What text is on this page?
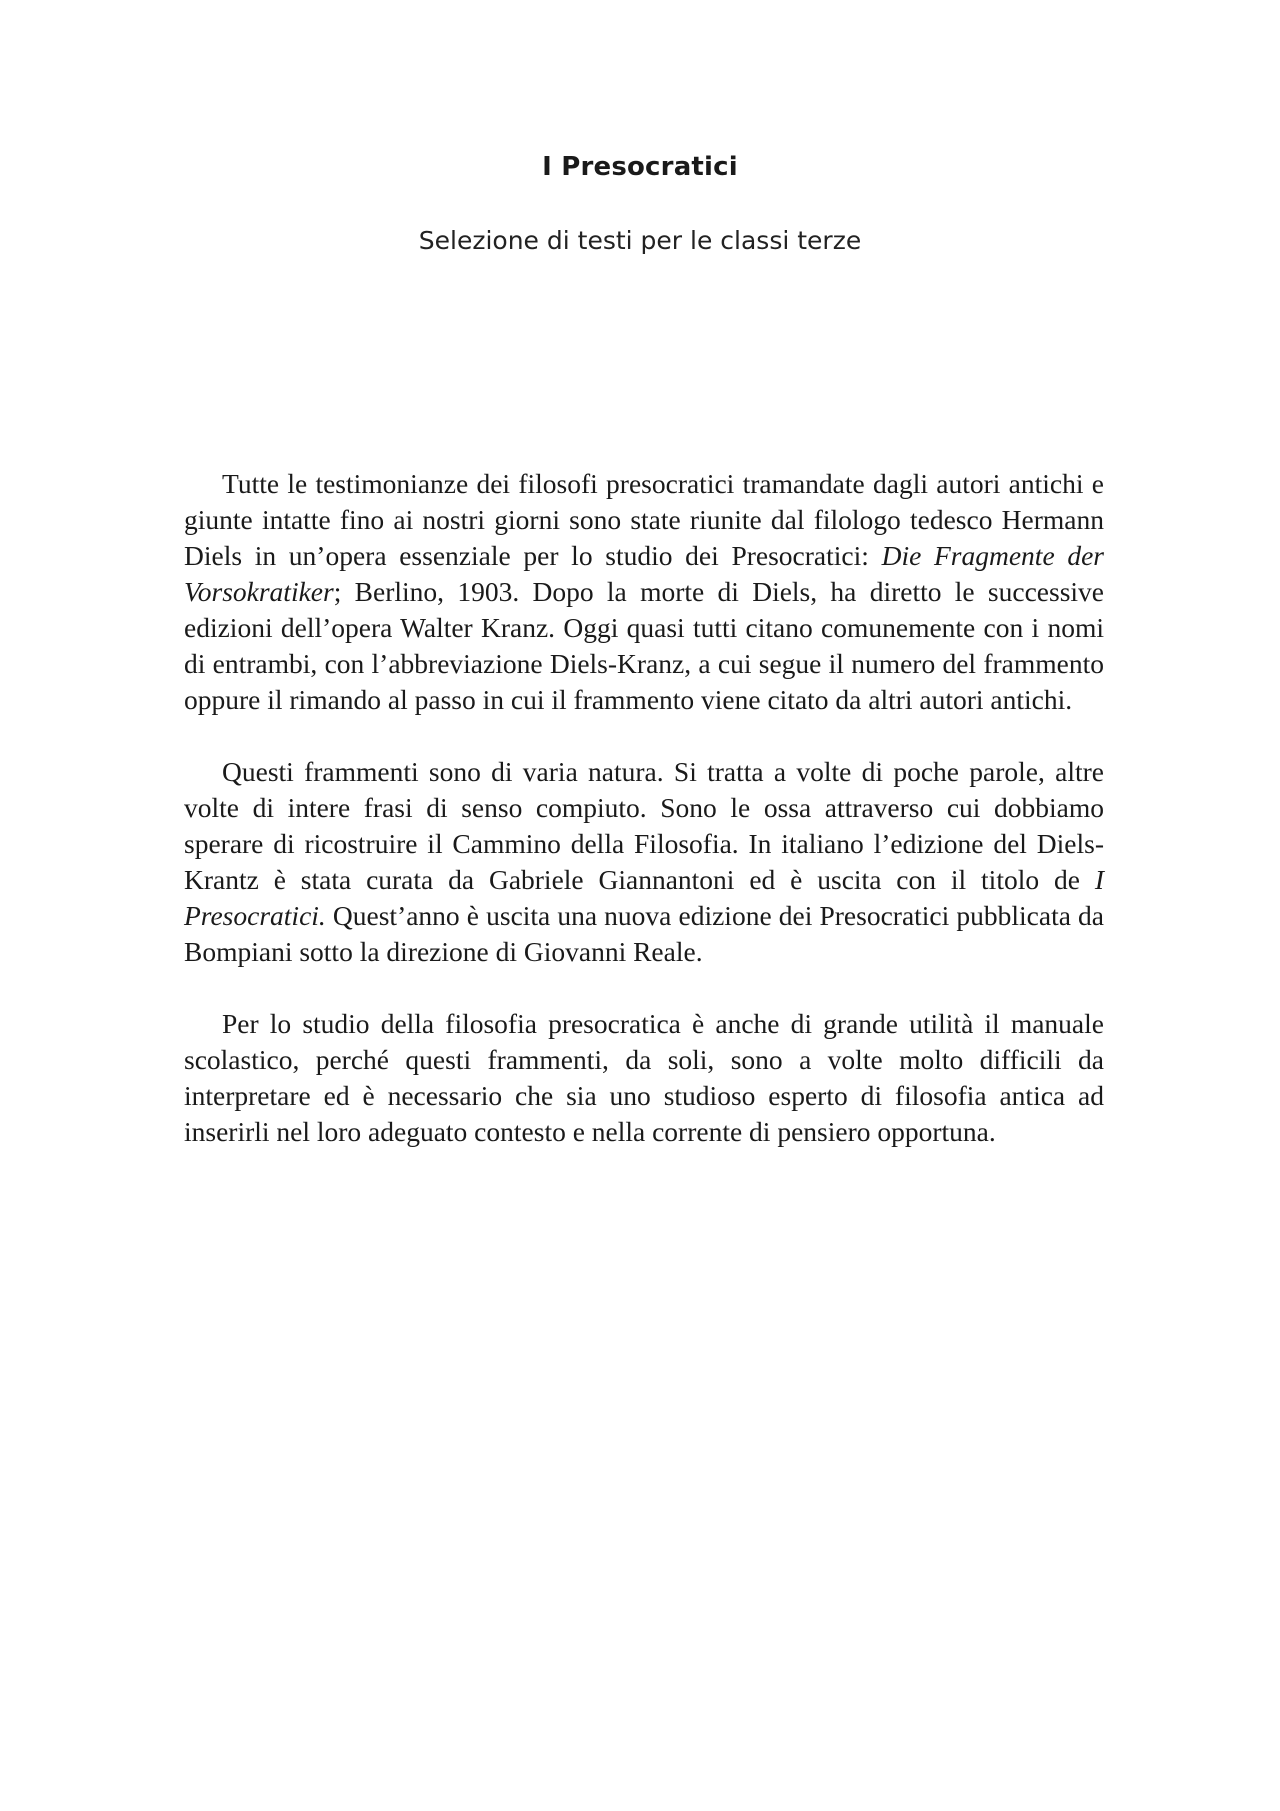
I Presocratici
Selezione di testi per le classi terze

Tutte le testimonianze dei filosofi presocratici tramandate dagli autori antichi e giunte intatte fino ai nostri giorni sono state riunite dal filologo tedesco Hermann Diels in un’opera essenziale per lo studio dei Presocratici: Die Fragmente der Vorsokratiker; Berlino, 1903. Dopo la morte di Diels, ha diretto le successive edizioni dell’opera Walter Kranz. Oggi quasi tutti citano comunemente con i nomi di entrambi, con l’abbreviazione Diels-Kranz, a cui segue il numero del frammento oppure il rimando al passo in cui il frammento viene citato da altri autori antichi.

Questi frammenti sono di varia natura. Si tratta a volte di poche parole, altre volte di intere frasi di senso compiuto. Sono le ossa attraverso cui dobbiamo sperare di ricostruire il Cammino della Filosofia. In italiano l’edizione del Diels-Krantz è stata curata da Gabriele Giannantoni ed è uscita con il titolo de I Presocratici. Quest’anno è uscita una nuova edizione dei Presocratici pubblicata da Bompiani sotto la direzione di Giovanni Reale.

Per lo studio della filosofia presocratica è anche di grande utilità il manuale scolastico, perché questi frammenti, da soli, sono a volte molto difficili da interpretare ed è necessario che sia uno studioso esperto di filosofia antica ad inserirli nel loro adeguato contesto e nella corrente di pensiero opportuna.
